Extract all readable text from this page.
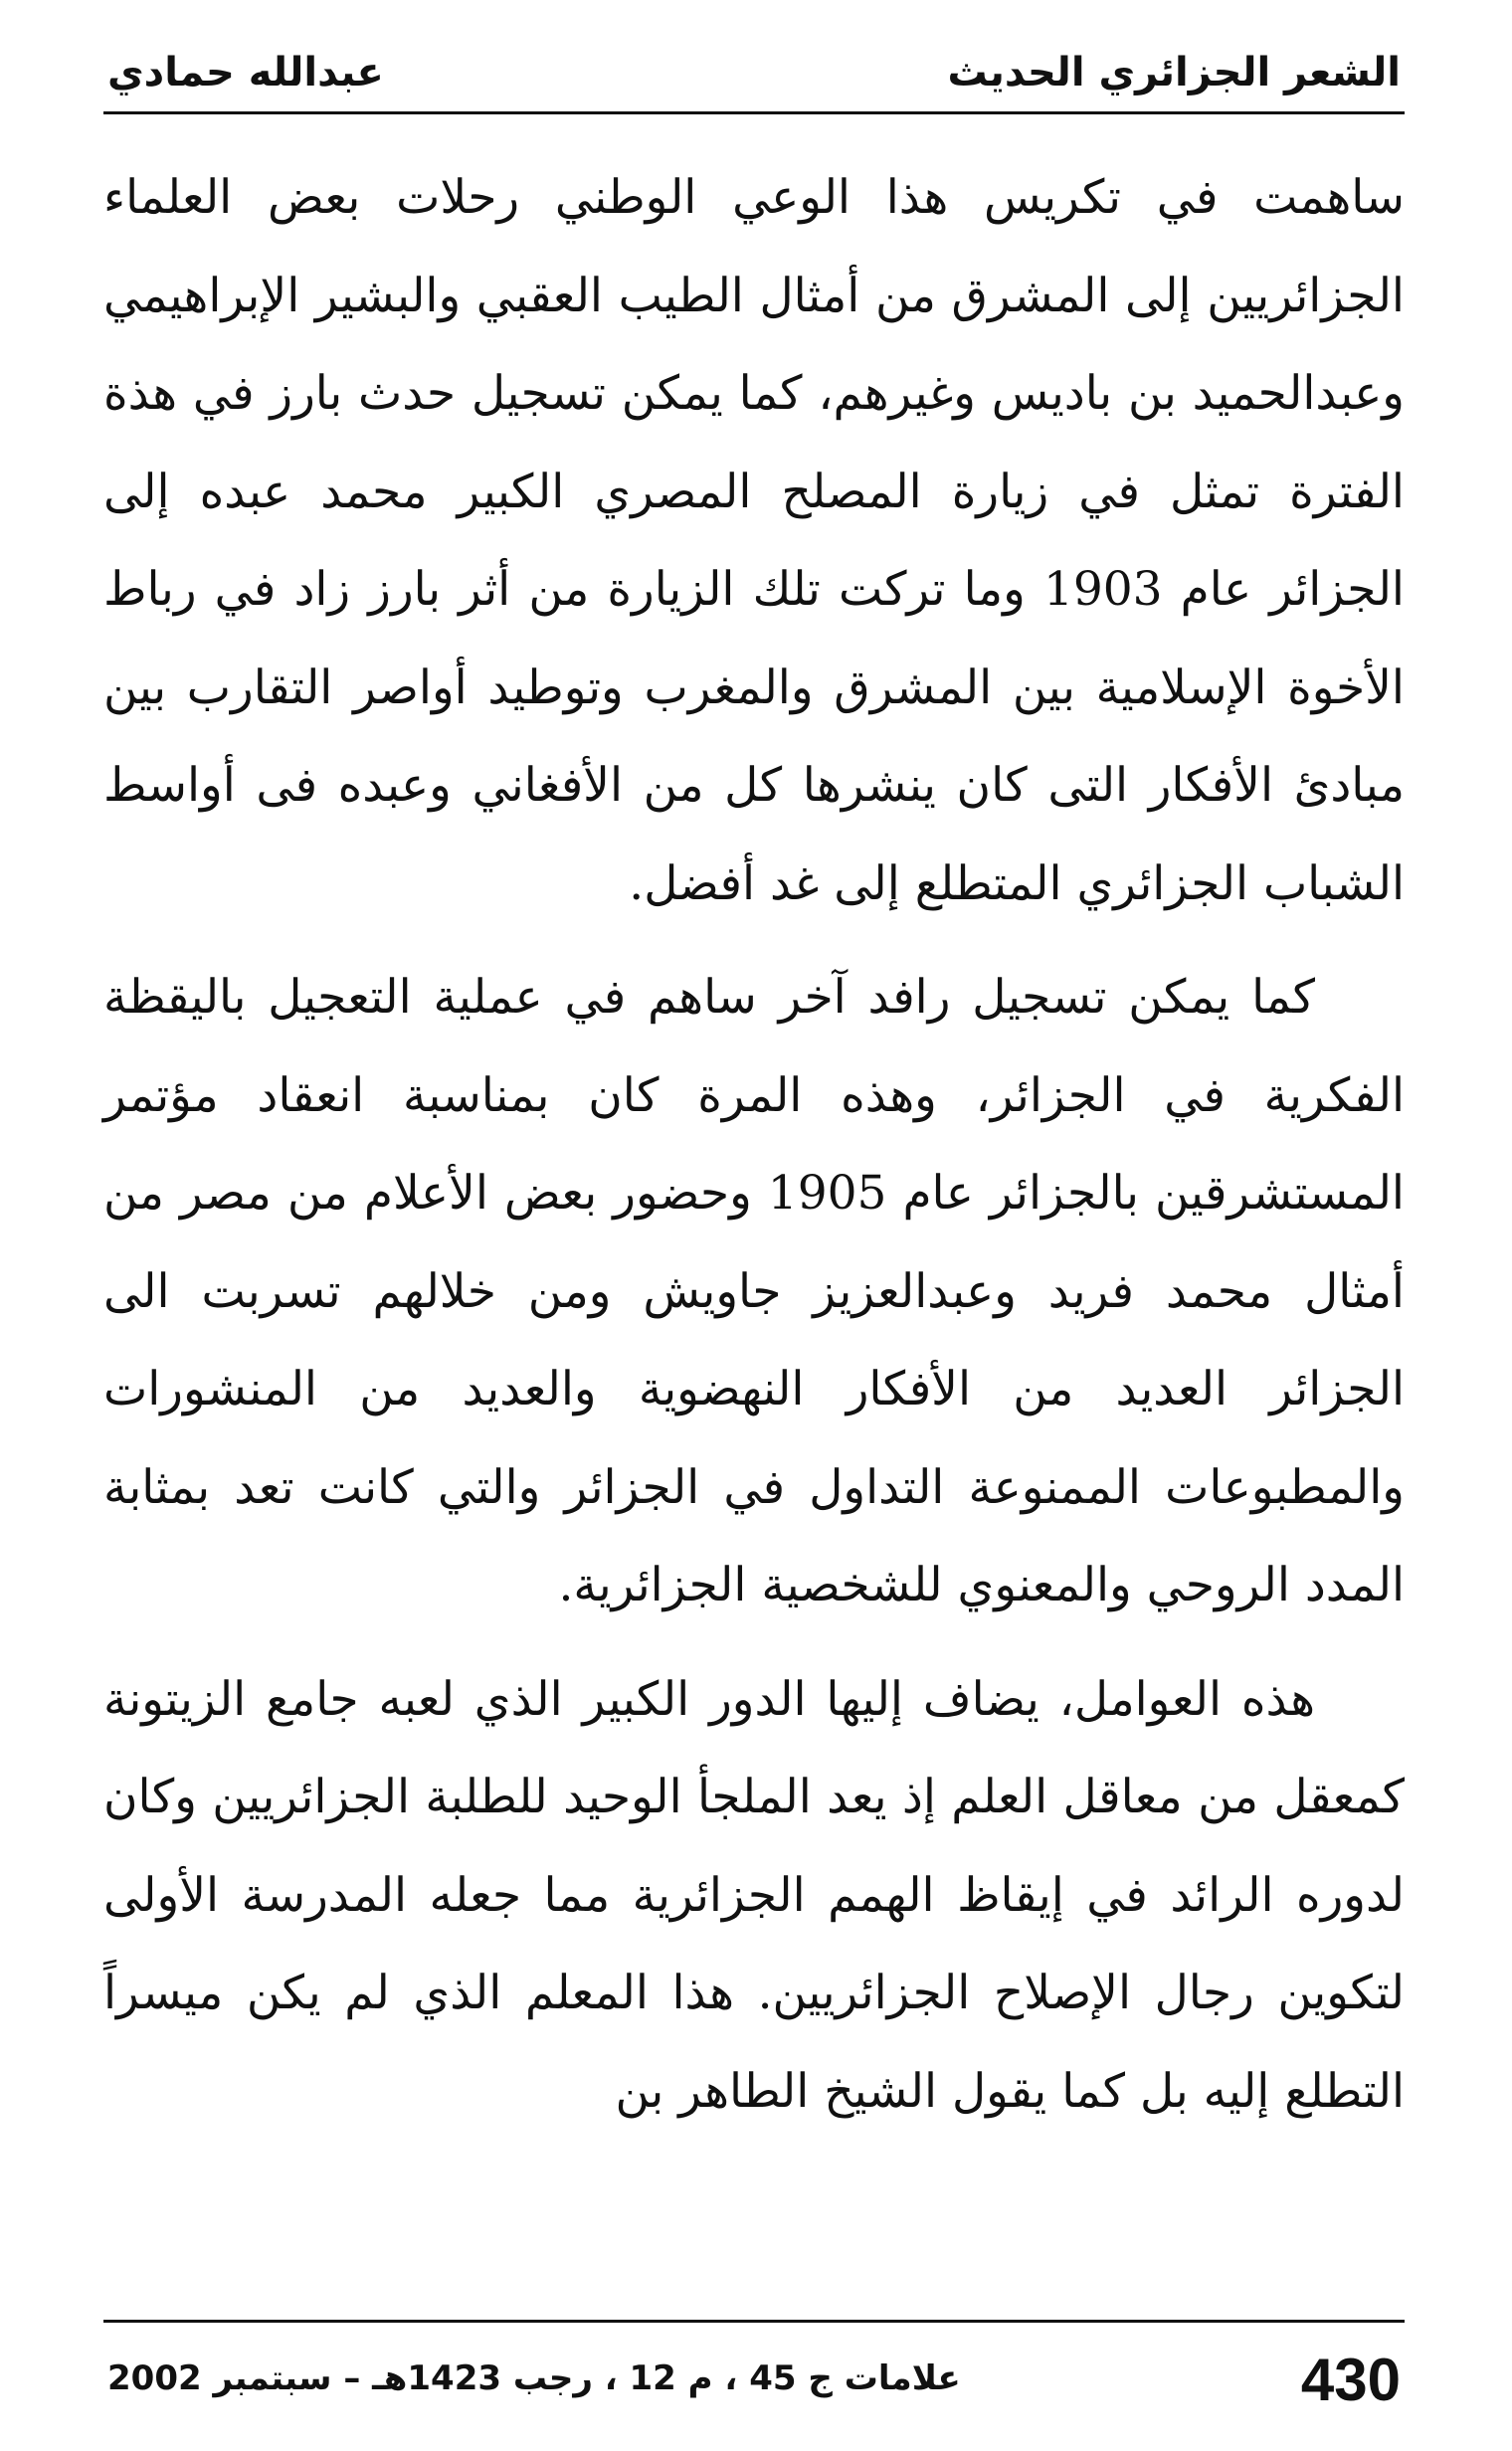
الشعر الجزائري الحديث
عبدالله حمادي

ساهمت في تكريس هذا الوعي الوطني رحلات بعض العلماء الجزائريين إلى المشرق من أمثال الطيب العقبي والبشير الإبراهيمي وعبدالحميد بن باديس وغيرهم، كما يمكن تسجيل حدث بارز في هذة الفترة تمثل في زيارة المصلح المصري الكبير محمد عبده إلى الجزائر عام 1903 وما تركت تلك الزيارة من أثر بارز زاد في رباط الأخوة الإسلامية بين المشرق والمغرب وتوطيد أواصر التقارب بين مبادئ الأفكار التى كان ينشرها كل من الأفغاني وعبده فى أواسط الشباب الجزائري المتطلع إلى غد أفضل.

كما يمكن تسجيل رافد آخر ساهم في عملية التعجيل باليقظة الفكرية في الجزائر، وهذه المرة كان بمناسبة انعقاد مؤتمر المستشرقين بالجزائر عام 1905 وحضور بعض الأعلام من مصر من أمثال محمد فريد وعبدالعزيز جاويش ومن خلالهم تسربت الى الجزائر العديد من الأفكار النهضوية والعديد من المنشورات والمطبوعات الممنوعة التداول في الجزائر والتي كانت تعد بمثابة المدد الروحي والمعنوي للشخصية الجزائرية.

هذه العوامل، يضاف إليها الدور الكبير الذي لعبه جامع الزيتونة كمعقل من معاقل العلم إذ يعد الملجأ الوحيد للطلبة الجزائريين وكان لدوره الرائد في إيقاظ الهمم الجزائرية مما جعله المدرسة الأولى لتكوين رجال الإصلاح الجزائريين. هذا المعلم الذي لم يكن ميسراً التطلع إليه بل كما يقول الشيخ الطاهر بن

430
علامات ج 45 ، م 12 ، رجب 1423هـ – سبتمبر 2002
